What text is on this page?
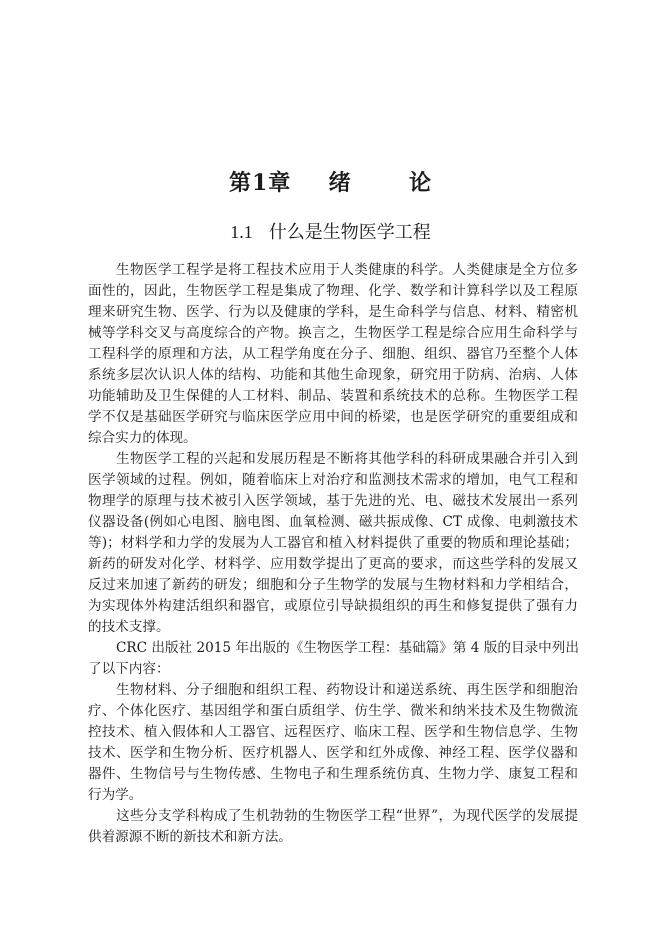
第1章 绪	论
1.1 什么是生物医学工程
生物医学工程学是将工程技术应用于人类健康的科学。人类健康是全方位多
面性的，因此，生物医学工程是集成了物理、化学、数学和计算科学以及工程原
理来研究生物、医学、行为以及健康的学科，是生命科学与信息、材料、精密机
械等学科交叉与高度综合的产物。换言之，生物医学工程是综合应用生命科学与
工程科学的原理和方法，从工程学角度在分子、细胞、组织、器官乃至整个人体
系统多层次认识人体的结构、功能和其他生命现象，研究用于防病、治病、人体
功能辅助及卫生保健的人工材料、制品、装置和系统技术的总称。生物医学工程
学不仅是基础医学研究与临床医学应用中间的桥梁，也是医学研究的重要组成和
综合实力的体现。
生物医学工程的兴起和发展历程是不断将其他学科的科研成果融合并引入到
医学领域的过程。例如，随着临床上对治疗和监测技术需求的增加，电气工程和
物理学的原理与技术被引入医学领域，基于先进的光、电、磁技术发展出一系列
仪器设备(例如心电图、脑电图、血氧检测、磁共振成像、CT 成像、电刺激技术
等)；材料学和力学的发展为人工器官和植入材料提供了重要的物质和理论基础；
新药的研发对化学、材料学、应用数学提出了更高的要求，而这些学科的发展又
反过来加速了新药的研发；细胞和分子生物学的发展与生物材料和力学相结合，
为实现体外构建活组织和器官，或原位引导缺损组织的再生和修复提供了强有力
的技术支撑。
CRC 出版社 2015 年出版的《生物医学工程：基础篇》第 4 版的目录中列出
了以下内容：
生物材料、分子细胞和组织工程、药物设计和递送系统、再生医学和细胞治
疗、个体化医疗、基因组学和蛋白质组学、仿生学、微米和纳米技术及生物微流
控技术、植入假体和人工器官、远程医疗、临床工程、医学和生物信息学、生物
技术、医学和生物分析、医疗机器人、医学和红外成像、神经工程、医学仪器和
器件、生物信号与生物传感、生物电子和生理系统仿真、生物力学、康复工程和
行为学。
这些分支学科构成了生机勃勃的生物医学工程“世界”，为现代医学的发展提
供着源源不断的新技术和新方法。
